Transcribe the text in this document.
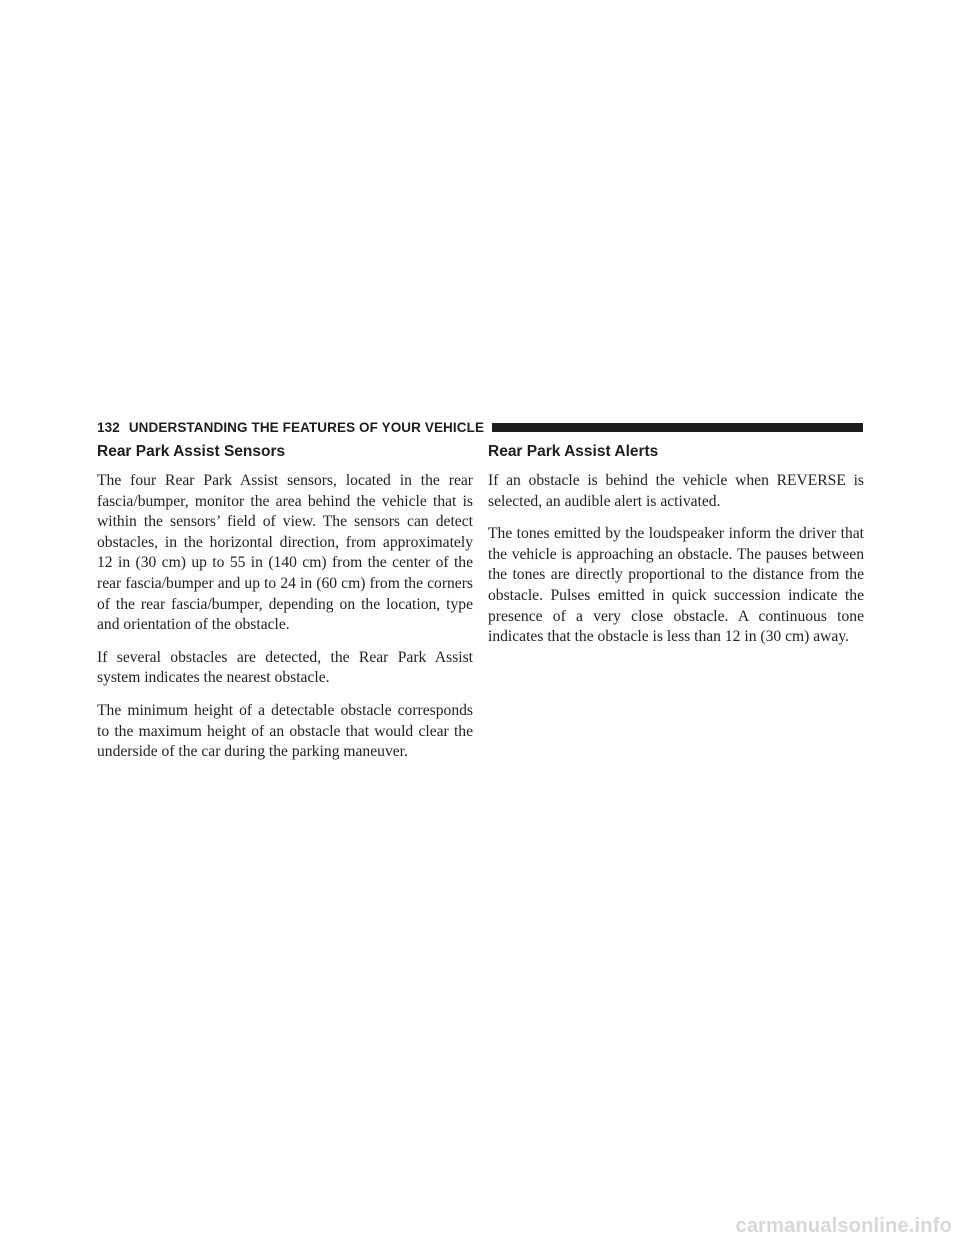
132 UNDERSTANDING THE FEATURES OF YOUR VEHICLE
Rear Park Assist Sensors

The four Rear Park Assist sensors, located in the rear fascia/bumper, monitor the area behind the vehicle that is within the sensors’ field of view. The sensors can detect obstacles, in the horizontal direction, from approximately 12 in (30 cm) up to 55 in (140 cm) from the center of the rear fascia/bumper and up to 24 in (60 cm) from the corners of the rear fascia/bumper, depending on the location, type and orientation of the obstacle.

If several obstacles are detected, the Rear Park Assist system indicates the nearest obstacle.

The minimum height of a detectable obstacle corresponds to the maximum height of an obstacle that would clear the underside of the car during the parking maneuver.

Rear Park Assist Alerts

If an obstacle is behind the vehicle when REVERSE is selected, an audible alert is activated.

The tones emitted by the loudspeaker inform the driver that the vehicle is approaching an obstacle. The pauses between the tones are directly proportional to the distance from the obstacle. Pulses emitted in quick succession indicate the presence of a very close obstacle. A continuous tone indicates that the obstacle is less than 12 in (30 cm) away.

carmanualsonline.info
